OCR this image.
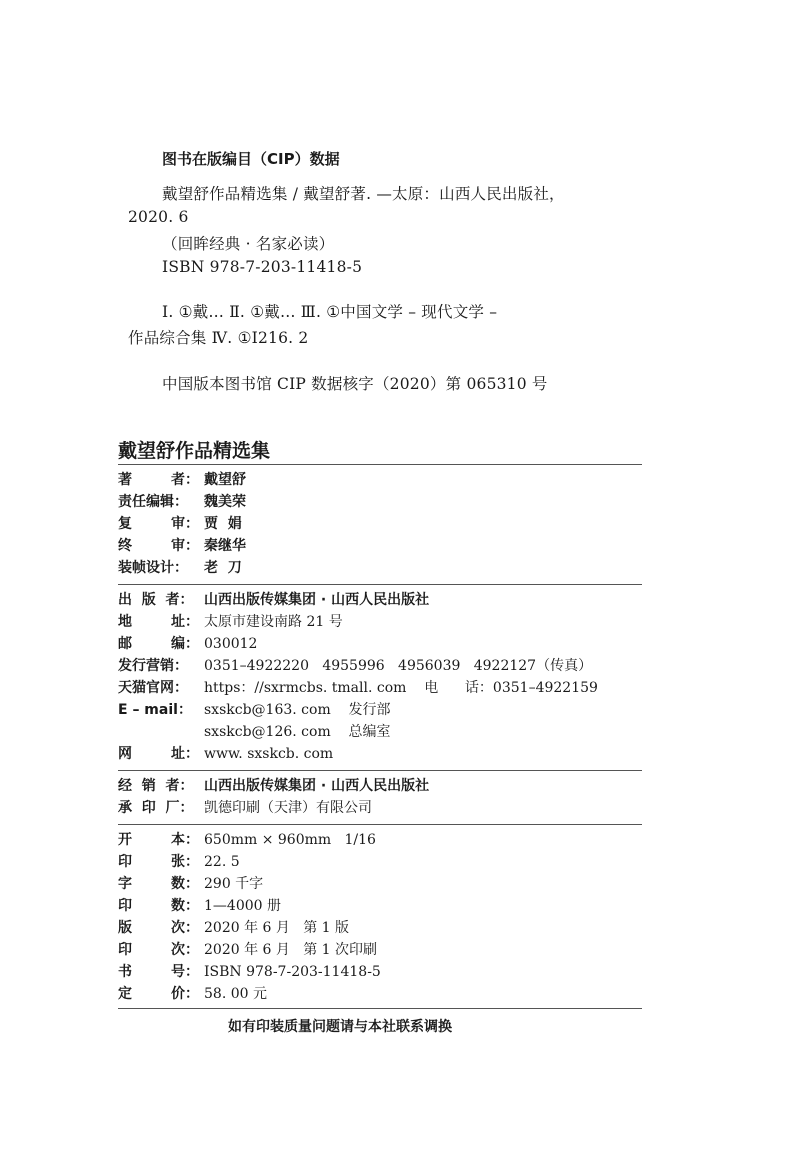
图书在版编目（CIP）数据
戴望舒作品精选集 / 戴望舒著. —太原：山西人民出版社，
2020. 6
（回眸经典 · 名家必读）
ISBN 978-7-203-11418-5
Ⅰ. ①戴… Ⅱ. ①戴… Ⅲ. ①中国文学 – 现代文学 –
作品综合集 Ⅳ. ①I216. 2
中国版本图书馆 CIP 数据核字（2020）第 065310 号
戴望舒作品精选集
著        者： 戴望舒
责任编辑：	魏美荣
复        审： 贾  娟
终        审： 秦继华
装帧设计：	老  刀
出  版  者： 山西出版传媒集团 · 山西人民出版社
地        址： 太原市建设南路 21 号
邮        编： 030012
发行营销：	0351–4922220   4955996   4956039   4922127（传真）
天猫官网：	https：//sxrmcbs. tmall. com    电      话：0351–4922159
E – mail： sxskcb@163. com    发行部
sxskcb@126. com    总编室
网        址： www. sxskcb. com
经  销  者： 山西出版传媒集团 · 山西人民出版社
承  印  厂： 凯德印刷（天津）有限公司
开        本： 650mm × 960mm   1/16
印        张： 22. 5
字        数： 290 千字
印        数： 1—4000 册
版        次： 2020 年 6 月   第 1 版
印        次： 2020 年 6 月   第 1 次印刷
书        号： ISBN 978-7-203-11418-5
定        价： 58. 00 元
如有印装质量问题请与本社联系调换
